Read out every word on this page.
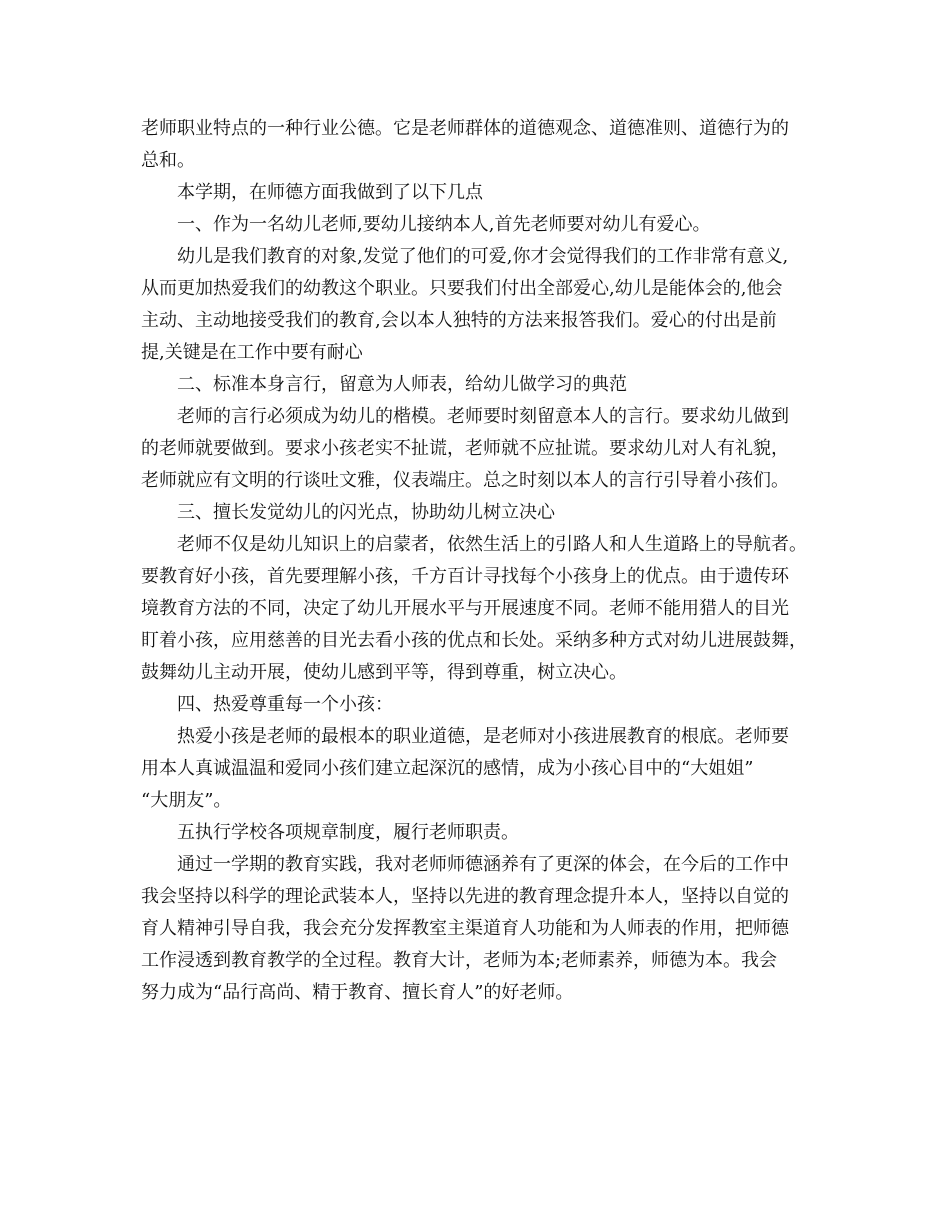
老师职业特点的一种行业公德。它是老师群体的道德观念、道德准则、道德行为的
总和。
本学期，在师德方面我做到了以下几点
一、作为一名幼儿老师,要幼儿接纳本人,首先老师要对幼儿有爱心。
幼儿是我们教育的对象,发觉了他们的可爱,你才会觉得我们的工作非常有意义,
从而更加热爱我们的幼教这个职业。只要我们付出全部爱心,幼儿是能体会的,他会
主动、主动地接受我们的教育,会以本人独特的方法来报答我们。爱心的付出是前
提,关键是在工作中要有耐心
二、标准本身言行，留意为人师表，给幼儿做学习的典范
老师的言行必须成为幼儿的楷模。老师要时刻留意本人的言行。要求幼儿做到
的老师就要做到。要求小孩老实不扯谎，老师就不应扯谎。要求幼儿对人有礼貌，
老师就应有文明的行谈吐文雅，仪表端庄。总之时刻以本人的言行引导着小孩们。
三、擅长发觉幼儿的闪光点，协助幼儿树立决心
老师不仅是幼儿知识上的启蒙者，依然生活上的引路人和人生道路上的导航者。
要教育好小孩，首先要理解小孩，千方百计寻找每个小孩身上的优点。由于遗传环
境教育方法的不同，决定了幼儿开展水平与开展速度不同。老师不能用猎人的目光
盯着小孩，应用慈善的目光去看小孩的优点和长处。采纳多种方式对幼儿进展鼓舞，
鼓舞幼儿主动开展，使幼儿感到平等，得到尊重，树立决心。
四、热爱尊重每一个小孩：
热爱小孩是老师的最根本的职业道德，是老师对小孩进展教育的根底。老师要
用本人真诚温温和爱同小孩们建立起深沉的感情，成为小孩心目中的“大姐姐”
“大朋友”。
五执行学校各项规章制度，履行老师职责。
通过一学期的教育实践，我对老师师德涵养有了更深的体会，在今后的工作中
我会坚持以科学的理论武装本人，坚持以先进的教育理念提升本人，坚持以自觉的
育人精神引导自我，我会充分发挥教室主渠道育人功能和为人师表的作用，把师德
工作浸透到教育教学的全过程。教育大计，老师为本;老师素养，师德为本。我会
努力成为“品行高尚、精于教育、擅长育人”的好老师。
